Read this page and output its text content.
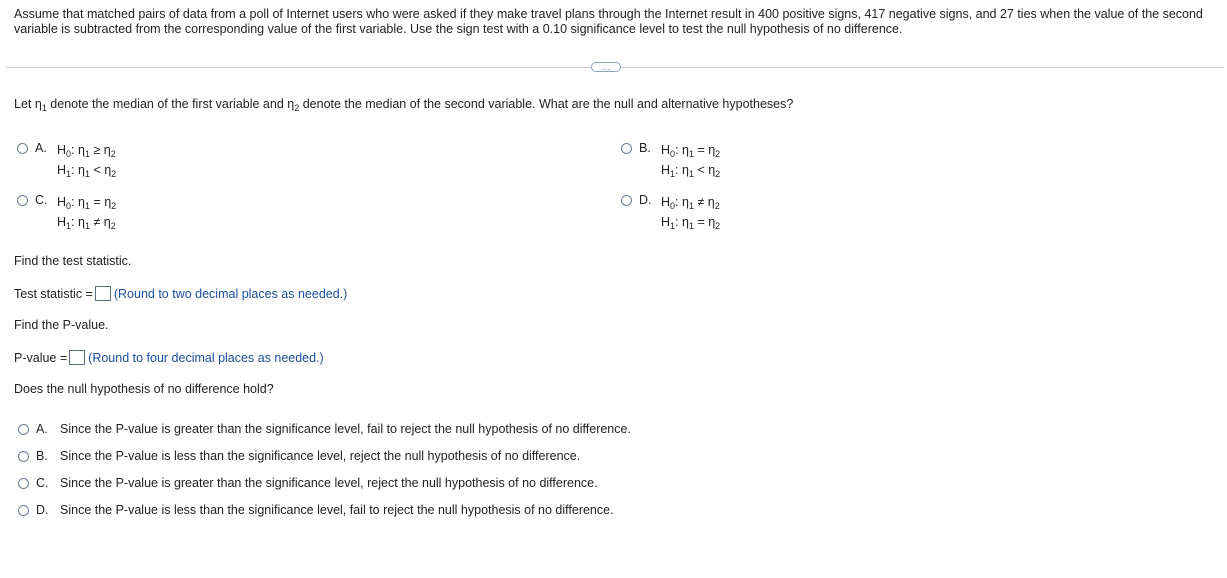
Assume that matched pairs of data from a poll of Internet users who were asked if they make travel plans through the Internet result in 400 positive signs, 417 negative signs, and 27 ties when the value of the second variable is subtracted from the corresponding value of the first variable. Use the sign test with a 0.10 significance level to test the null hypothesis of no difference.
…
Let $\eta_1$ denote the median of the first variable and $\eta_2$ denote the median of the second variable. What are the null and alternative hypotheses?
A. $H_0$: $\eta_1 \ge \eta_2$
$H_1$: $\eta_1 < \eta_2$
B. $H_0$: $\eta_1 = \eta_2$
$H_1$: $\eta_1 < \eta_2$
C. $H_0$: $\eta_1 = \eta_2$
$H_1$: $\eta_1 \ne \eta_2$
D. $H_0$: $\eta_1 \ne \eta_2$
$H_1$: $\eta_1 = \eta_2$
Find the test statistic.
Test statistic = (Round to two decimal places as needed.)
Find the P-value.
P-value = (Round to four decimal places as needed.)
Does the null hypothesis of no difference hold?
A. Since the P-value is greater than the significance level, fail to reject the null hypothesis of no difference.
B. Since the P-value is less than the significance level, reject the null hypothesis of no difference.
C. Since the P-value is greater than the significance level, reject the null hypothesis of no difference.
D. Since the P-value is less than the significance level, fail to reject the null hypothesis of no difference.
